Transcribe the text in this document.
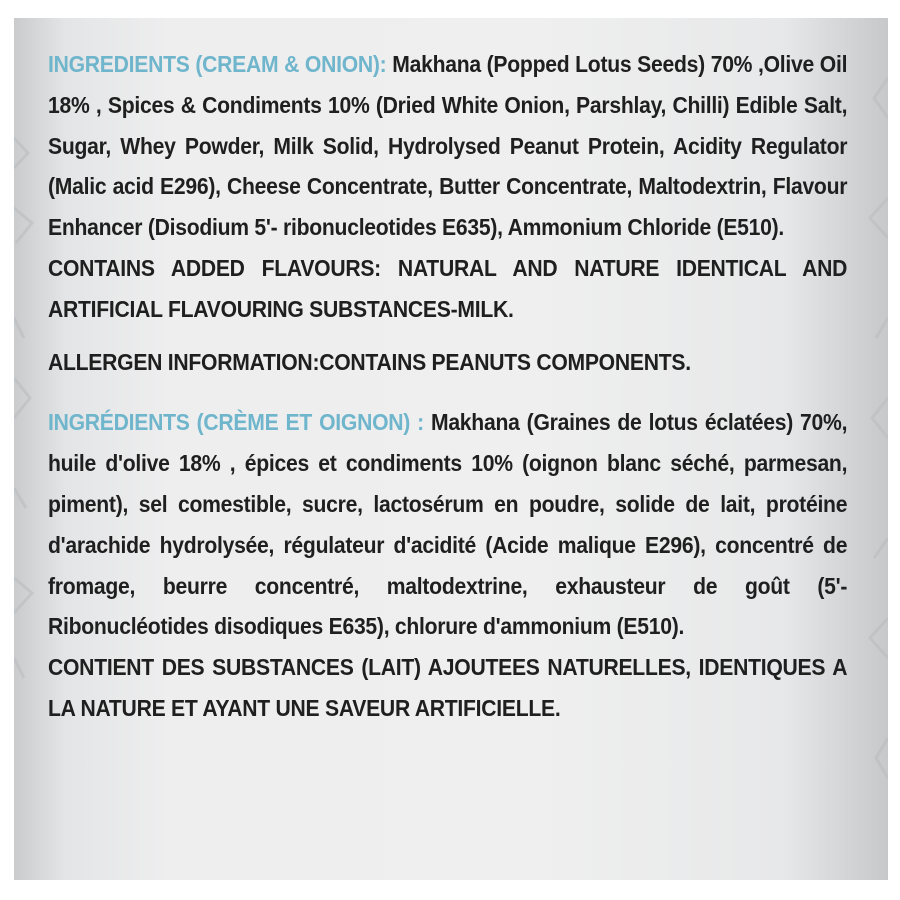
INGREDIENTS (CREAM & ONION): Makhana (Popped Lotus Seeds) 70% ,Olive Oil 18% , Spices & Condiments 10% (Dried White Onion, Parshlay, Chilli) Edible Salt, Sugar, Whey Powder, Milk Solid, Hydrolysed Peanut Protein, Acidity Regulator (Malic acid E296), Cheese Concentrate, Butter Concentrate, Maltodextrin, Flavour Enhancer (Disodium 5'- ribonucleotides E635), Ammonium Chloride (E510).

CONTAINS ADDED FLAVOURS: NATURAL AND NATURE IDENTICAL AND ARTIFICIAL FLAVOURING SUBSTANCES-MILK.

ALLERGEN INFORMATION:CONTAINS PEANUTS COMPONENTS.

INGRÉDIENTS (CRÈME ET OIGNON) : Makhana (Graines de lotus éclatées) 70%, huile d'olive 18% , épices et condiments 10% (oignon blanc séché, parmesan, piment), sel comestible, sucre, lactosérum en poudre, solide de lait, protéine d'arachide hydrolysée, régulateur d'acidité (Acide malique E296), concentré de fromage, beurre concentré, maltodextrine, exhausteur de goût (5'- Ribonucléotides disodiques E635), chlorure d'ammonium (E510).

CONTIENT DES SUBSTANCES (LAIT) AJOUTEES NATURELLES, IDENTIQUES A LA NATURE ET AYANT UNE SAVEUR ARTIFICIELLE.
